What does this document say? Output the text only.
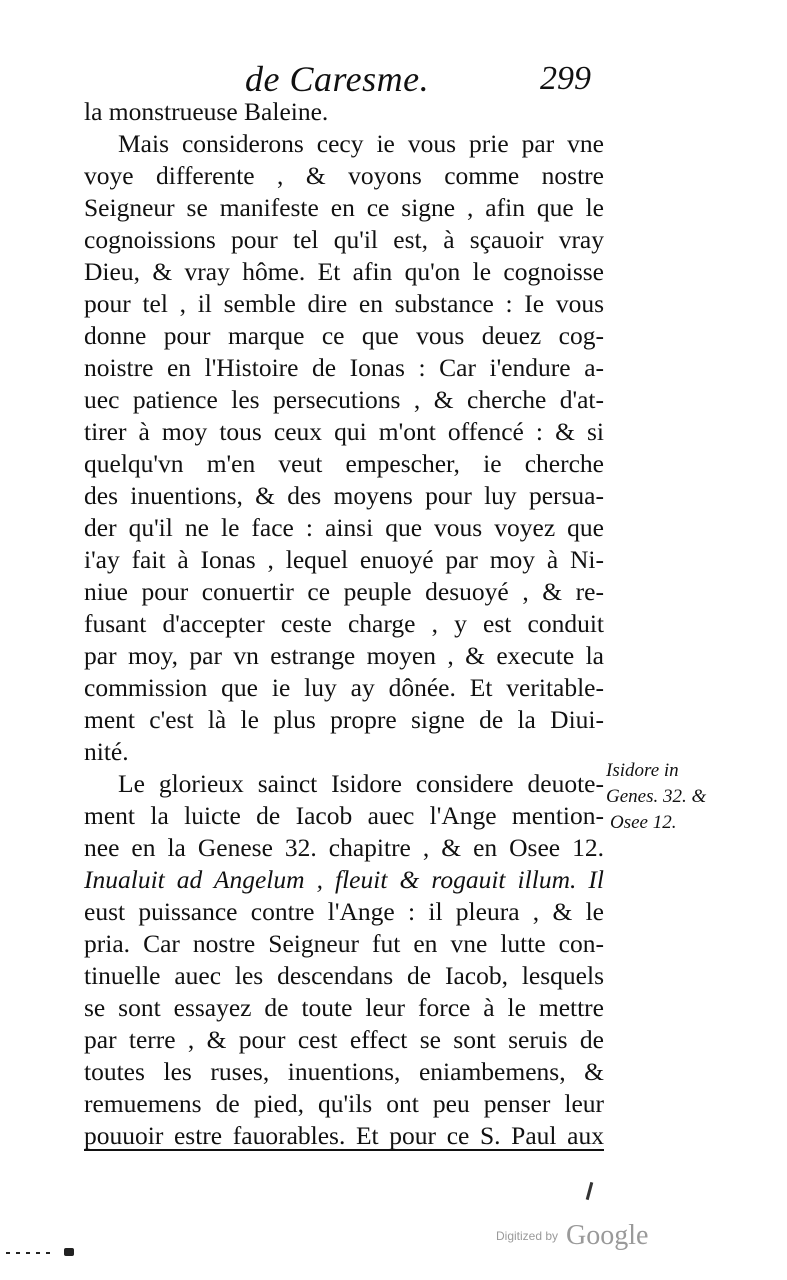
de Caresme.	299
la monstrueuse Baleine.
Mais considerons cecy ie vous prie par vne
voye differente , & voyons comme nostre
Seigneur se manifeste en ce signe , afin que le
cognoissions pour tel qu'il est, à sçauoir vray
Dieu, & vray hôme. Et afin qu'on le cognoisse
pour tel , il semble dire en substance : Ie vous
donne pour marque ce que vous deuez cog-
noistre en l'Histoire de Ionas : Car i'endure a-
uec patience les persecutions , & cherche d'at-
tirer à moy tous ceux qui m'ont offencé : & si
quelqu'vn m'en veut empescher, ie cherche
des inuentions, & des moyens pour luy persua-
der qu'il ne le face : ainsi que vous voyez que
i'ay fait à Ionas , lequel enuoyé par moy à Ni-
niue pour conuertir ce peuple desuoyé , & re-
fusant d'accepter ceste charge , y est conduit
par moy, par vn estrange moyen , & execute la
commission que ie luy ay dônée. Et veritable-
ment c'est là le plus propre signe de la Diui-
nité.
Le glorieux sainct Isidore considere deuote-
ment la luicte de Iacob auec l'Ange mention-
nee en la Genese 32. chapitre , & en Osee 12.
Inualuit ad Angelum , fleuit & rogauit illum. Il
eust puissance contre l'Ange : il pleura , & le
pria. Car nostre Seigneur fut en vne lutte con-
tinuelle auec les descendans de Iacob, lesquels
se sont essayez de toute leur force à le mettre
par terre , & pour cest effect se sont seruis de
toutes les ruses, inuentions, eniambemens, &
remuemens de pied, qu'ils ont peu penser leur
pouuoir estre fauorables. Et pour ce S. Paul aux
Isidore in
Genes. 32. &
Osee 12.
Digitized by Google
